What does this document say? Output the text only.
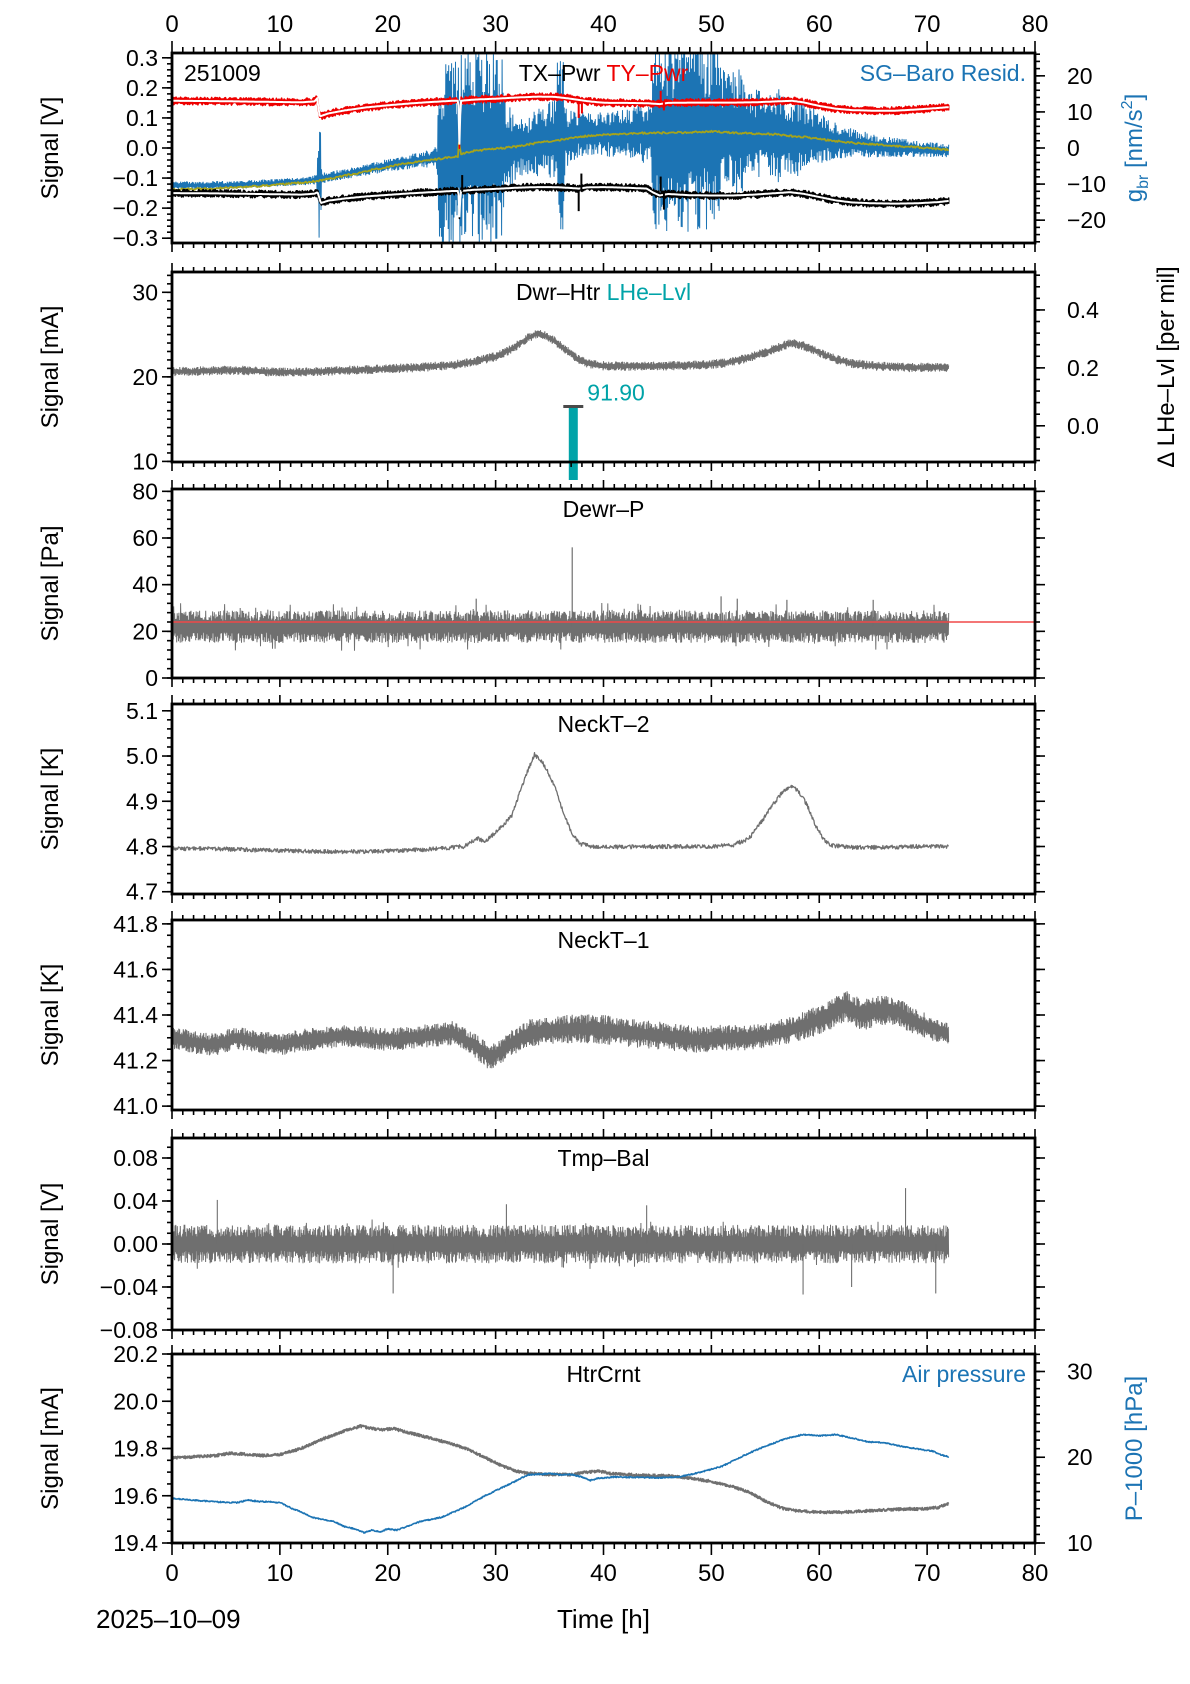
2025–10–09	Time [h]
0.3
0.2
0.1
0.0
−0.1
−0.2
−0.3
20
10
0
−10
−20
0	10	20	30	40	50	60	70	80
Signal [V]
251009	TX–Pwr TY–Pwr	SG–Baro Resid.
$g_{br}$ $[nm/s^2]$
91.90
30
20
10
0.4
0.2
0.0
Signal [mA]
Dwr–Htr LHe–Lvl	Δ LHe–Lvl [per mil]
80
60
40
20
0
Signal [Pa]
Dewr–P
5.1
5.0
4.9
4.8
4.7
Signal [K]
NeckT–2
41.8
41.6
41.4
41.2
41.0
Signal [K]
NeckT–1
0.08
0.04
0.00
−0.04
−0.08
Signal [V]
Tmp–Bal
20.2
20.0
19.8
19.6
19.4
30
20
10
0	10	20	30	40	50	60	70	80
Signal [mA]
HtrCrnt	Air pressure
P–1000 [hPa]
